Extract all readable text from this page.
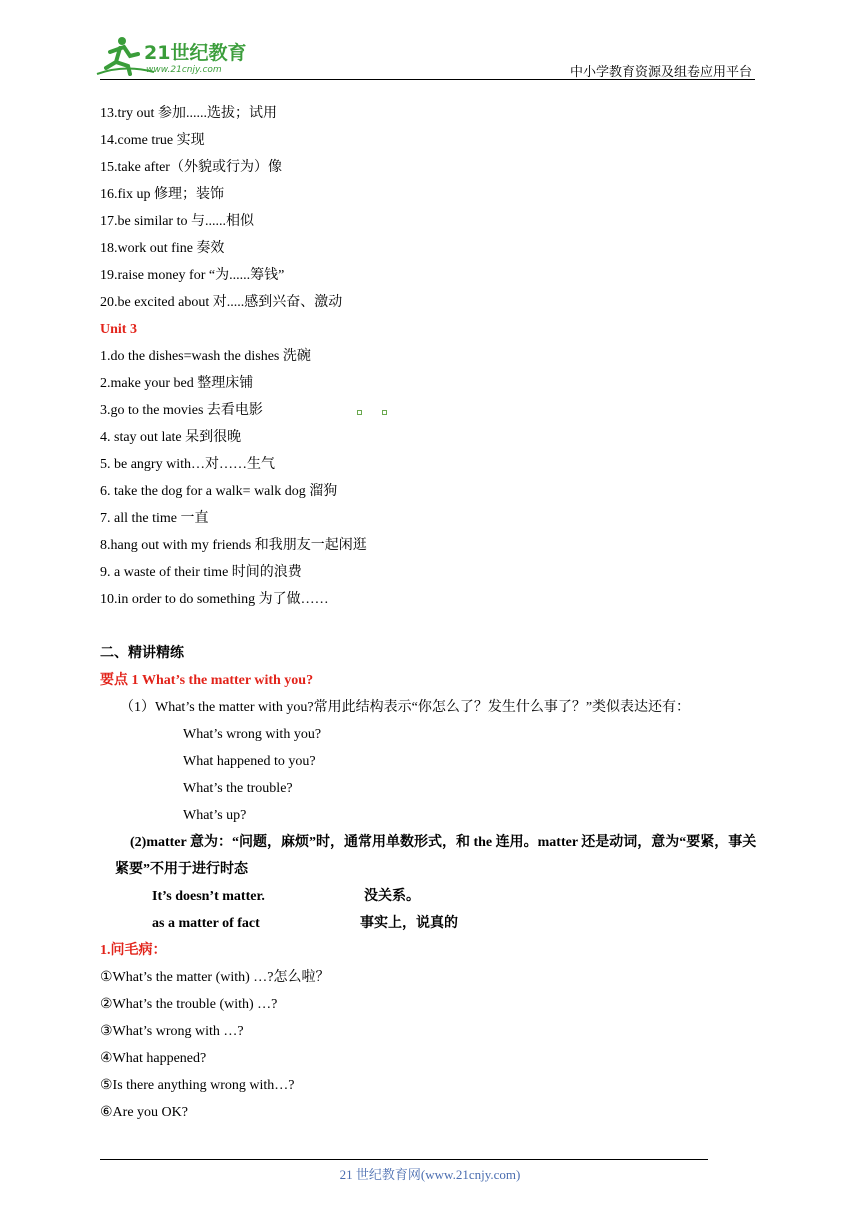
21世纪教育
www.21cnjy.com	中小学教育资源及组卷应用平台
13.try out 参加......选拔；试用
14.come true 实现
15.take after（外貌或行为）像
16.fix up 修理；装饰
17.be similar to 与......相似
18.work out fine 奏效
19.raise money for “为......筹钱”
20.be excited about 对.....感到兴奋、激动
Unit 3
1.do the dishes=wash the dishes 洗碗
2.make your bed 整理床铺
3.go to the movies 去看电影
4. stay out late 呆到很晚
5. be angry with…对……生气
6. take the dog for a walk= walk dog 溜狗
7. all the time 一直
8.hang out with my friends 和我朋友一起闲逛
9. a waste of their time 时间的浪费
10.in order to do something 为了做……
二、精讲精练
要点 1 What’s the matter with you?
（1）What’s the matter with you?常用此结构表示“你怎么了？发生什么事了？”类似表达还有：
What’s wrong with you?
What happened to you?
What’s the trouble?
What’s up?
(2)matter 意为：“问题，麻烦”时，通常用单数形式，和 the 连用。matter 还是动词，意为“要紧，事关紧要”不用于进行时态
It’s doesn’t matter.	没关系。
as a matter of fact	事实上，说真的
1.问毛病：
①What’s the matter (with) …?怎么啦？
②What’s the trouble (with) …?
③What’s wrong with …?
④What happened?
⑤Is there anything wrong with…?
⑥Are you OK?
21 世纪教育网(www.21cnjy.com)
